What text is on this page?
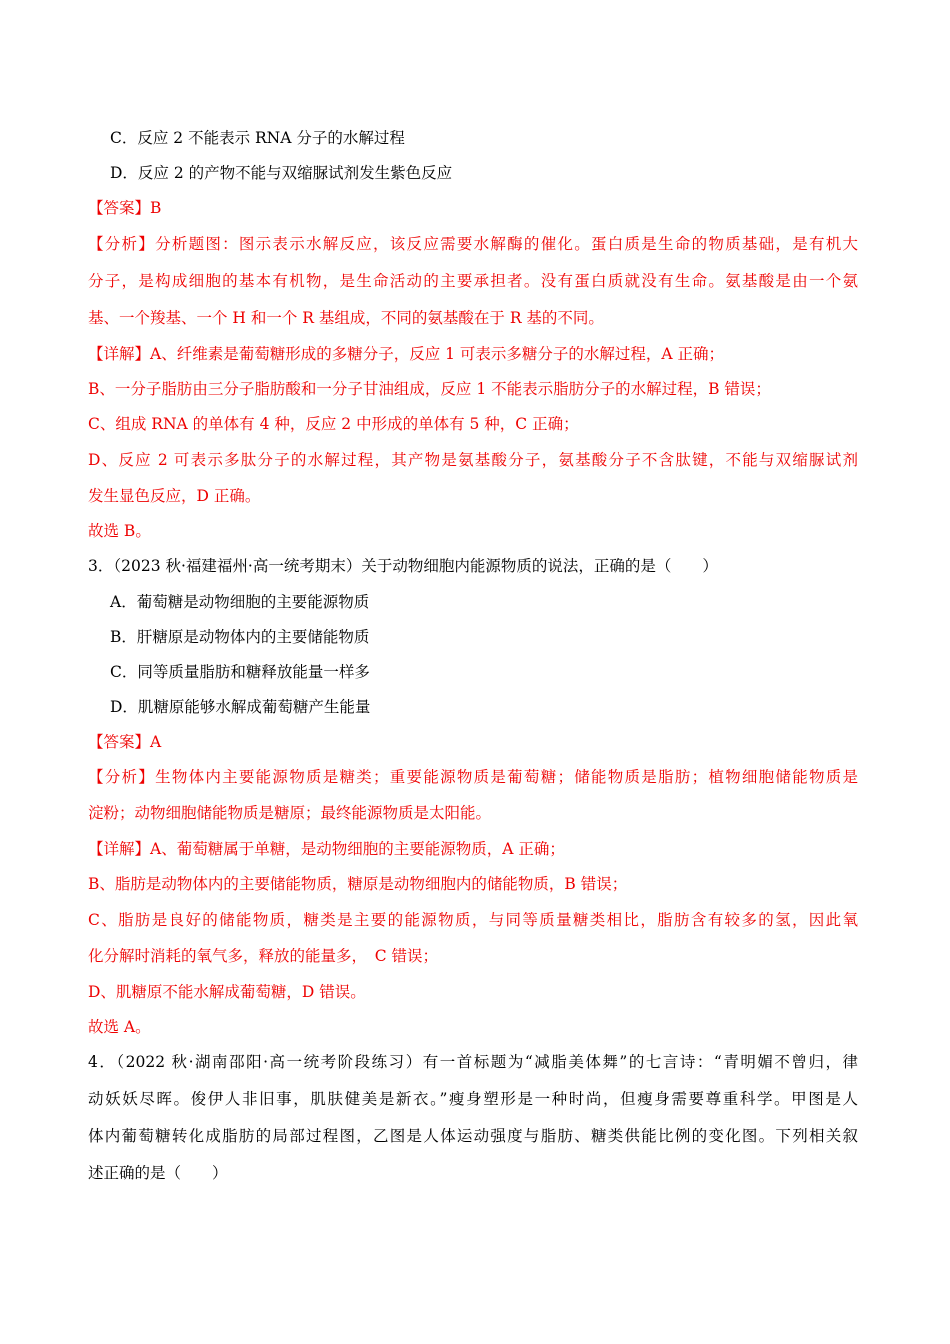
C．反应 2 不能表示 RNA 分子的水解过程
D．反应 2 的产物不能与双缩脲试剂发生紫色反应
【答案】B
【分析】分析题图：图示表示水解反应，该反应需要水解酶的催化。蛋白质是生命的物质基础，是有机大
分子，是构成细胞的基本有机物，是生命活动的主要承担者。没有蛋白质就没有生命。氨基酸是由一个氨
基、一个羧基、一个 H 和一个 R 基组成，不同的氨基酸在于 R 基的不同。
【详解】A、纤维素是葡萄糖形成的多糖分子，反应 1 可表示多糖分子的水解过程，A 正确；
B、一分子脂肪由三分子脂肪酸和一分子甘油组成，反应 1 不能表示脂肪分子的水解过程，B 错误；
C、组成 RNA 的单体有 4 种，反应 2 中形成的单体有 5 种，C 正确；
D、反应 2 可表示多肽分子的水解过程，其产物是氨基酸分子，氨基酸分子不含肽键，不能与双缩脲试剂
发生显色反应，D 正确。
故选 B。
3．（2023 秋·福建福州·高一统考期末）关于动物细胞内能源物质的说法，正确的是（　　）
A．葡萄糖是动物细胞的主要能源物质
B．肝糖原是动物体内的主要储能物质
C．同等质量脂肪和糖释放能量一样多
D．肌糖原能够水解成葡萄糖产生能量
【答案】A
【分析】生物体内主要能源物质是糖类；重要能源物质是葡萄糖；储能物质是脂肪；植物细胞储能物质是
淀粉；动物细胞储能物质是糖原；最终能源物质是太阳能。
【详解】A、葡萄糖属于单糖，是动物细胞的主要能源物质，A 正确；
B、脂肪是动物体内的主要储能物质，糖原是动物细胞内的储能物质，B 错误；
C、脂肪是良好的储能物质，糖类是主要的能源物质，与同等质量糖类相比，脂肪含有较多的氢，因此氧
化分解时消耗的氧气多，释放的能量多，　C 错误；
D、肌糖原不能水解成葡萄糖，D 错误。
故选 A。
4．（2022 秋·湖南邵阳·高一统考阶段练习）有一首标题为“减脂美体舞”的七言诗：“青明媚不曾归，律
动妖妖尽晖。俊伊人非旧事，肌肤健美是新衣。”瘦身塑形是一种时尚，但瘦身需要尊重科学。甲图是人
体内葡萄糖转化成脂肪的局部过程图，乙图是人体运动强度与脂肪、糖类供能比例的变化图。下列相关叙
述正确的是（　　）
